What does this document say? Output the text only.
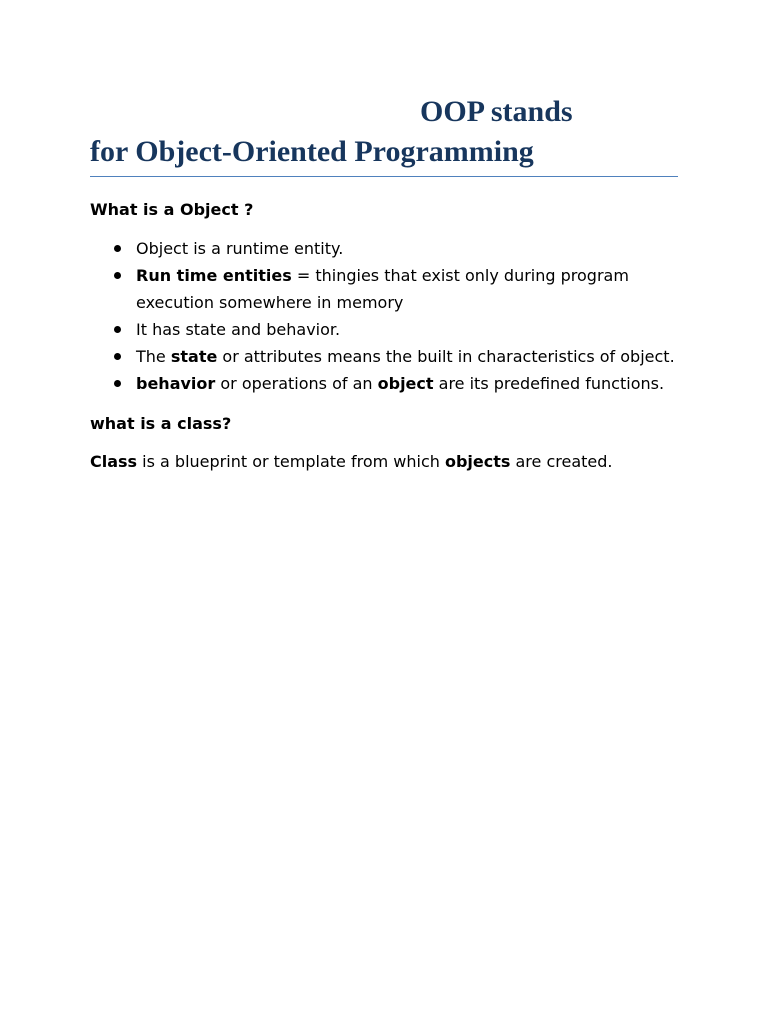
OOP stands
for Object-Oriented Programming
What is a Object ?
Object is a runtime entity.
Run time entities = thingies that exist only during program
execution somewhere in memory
It has state and behavior.
The state or attributes means the built in characteristics of object.
behavior or operations of an object are its predefined functions.
what is a class?

Class is a blueprint or template from which objects are created.
